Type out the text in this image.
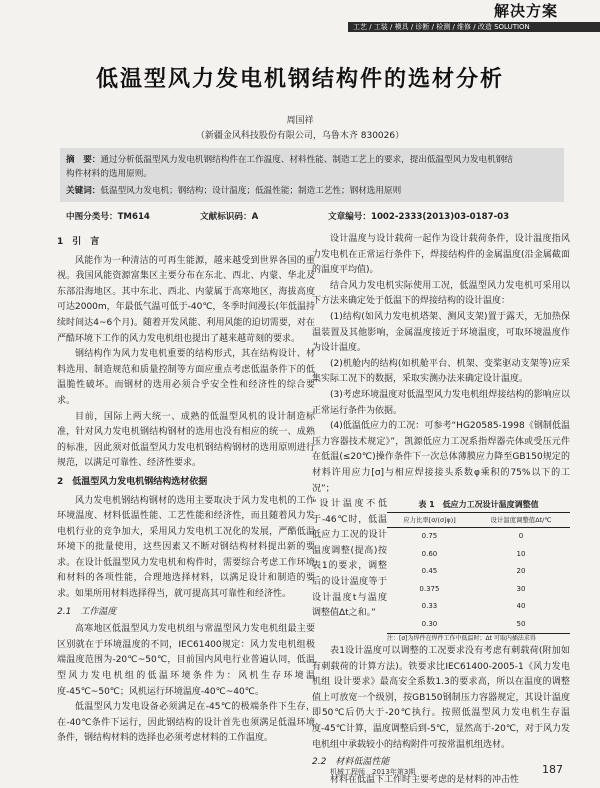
解决方案
工艺 / 工装 / 模具 / 诊断 / 检测 / 维修 / 改造 SOLUTION
低温型风力发电机钢结构件的选材分析
周国祥
（新疆金风科技股份有限公司，乌鲁木齐 830026）
摘　要：通过分析低温型风力发电机钢结构件在工作温度、材料性能、制造工艺上的要求，提出低温型风力发电机钢结
构件材料的选用原则。
关键词：低温型风力发电机；钢结构；设计温度；低温性能；制造工艺性；钢材选用原则
中图分类号：TM614	文献标识码：A	文章编号：1002-2333(2013)03-0187-03
1　引　言

风能作为一种清洁的可再生能源，越来越受到世界各国的重视。我国风能资源富集区主要分布在东北、西北、内蒙、华北及东部沿海地区。其中东北、西北、内蒙属于高寒地区，海拔高度可达2000m，年最低气温可低于-40℃，冬季时间漫长(年低温持续时间达4~6个月)。随着开发风能、利用风能的迫切需要，对在严酷环境下工作的风力发电机组也提出了越来越苛刻的要求。

钢结构作为风力发电机重要的结构形式，其在结构设计、材料选用、制造规范和质量控制等方面应重点考虑低温条件下的低温脆性破坏。而钢材的选用必须合乎安全性和经济性的综合要求。

目前，国际上两大统一、成熟的低温型风机的设计制造标准，针对风力发电机钢结构钢材的选用也没有相应的统一、成熟的标准，因此须对低温型风力发电机钢结构钢材的选用原则进行规范，以满足可靠性、经济性要求。

2　低温型风力发电机钢结构选材依据

风力发电机钢结构钢材的选用主要取决于风力发电机的工作环境温度、材料低温性能、工艺性能和经济性，而且随着风力发电机行业的竞争加大，采用风力发电机工况化的发展，严酷低温环境下的批量使用，这些因素又不断对钢结构材料提出新的要求。在设计低温型风力发电机和构件时，需要综合考虑工作环境和材料的各项性能，合理地选择材料，以满足设计和制造的要求。如果所用材料选择得当，就可提高其可靠性和经济性。

2.1　工作温度

高寒地区低温型风力发电机组与常温型风力发电机组最主要区别就在于环境温度的不同，IEC61400规定：风力发电机组极端温度范围为-20℃~50℃，目前国内风电行业普遍认同，低温型风力发电机组的低温环境条件为：风机生存环境温度-45℃~50℃；风机运行环境温度-40℃~40℃。

低温型风力发电设备必须满足在-45℃的极端条件下生存，在-40℃条件下运行，因此钢结构的设计首先也须满足低温环境条件，钢结构材料的选择也必须考虑材料的工作温度。

设计温度与设计载荷一起作为设计载荷条件，设计温度指风力发电机在正常运行条件下，焊接结构件的金属温度(沿金属截面的温度平均值)。

结合风力发电机实际使用工况，低温型风力发电机可采用以下方法来确定处于低温下的焊接结构的设计温度：

(1)结构(如风力发电机塔架、测风支架)置于露天，无加热保温装置及其他影响，金属温度接近于环境温度，可取环境温度作为设计温度。

(2)机舱内的结构(如机舱平台、机架、变桨驱动支架等)应采集实际工况下的数据，采取实测办法来确定设计温度。

(3)考虑环境温度对低温型风力发电机组焊接结构的影响应以正常运行条件为依据。

(4)低温低应力的工况：可参考“HG20585-1998《钢制低温压力容器技术规定》”，凯源低应力工况系指焊器壳体或受压元件在低温(≤20℃)操作条件下一次总体薄膜应力降至GB150规定的材料许用应力[σ]与相应焊接接头系数φ乘积的75%以下的工况”；

“设计温度不低于-46℃时，低温低应力工况的设计温度调整(提高)按表1的要求，调整后的设计温度等于设计温度t与温度调整值Δt之和。”

表 1　低应力工况设计温度调整值
应力比率[σ/(σ]φ)]	设计温度调整值Δt/℃
0.75	0
0.60	10
0.45	20
0.375	30
0.33	40
0.30	50
注：[σ]为焊件在焊件工作中低温时；Δt 可取内插法求得

表1设计温度可以调整的工况要求没有考虑有刺载荷(附加如有刺载荷的计算方法)。铁要求比IEC61400-2005-1《风力发电机组 设计要求》最高安全系数1.3的要求高，所以在温度的调整值上可放宽一个级别，按GB150钢制压力容器规定，其设计温度即50℃后仍大于-20℃执行。按照低温型风力发电机生存温度-45℃计算，温度调整后到-5℃，显然高于-20℃，对于风力发电机组中承载较小的结构附件可按常温机组选材。

2.2　材料低温性能

材料在低温下工作时主要考虑的是材料的冲击性

机械工程师　2013年第3期	187
